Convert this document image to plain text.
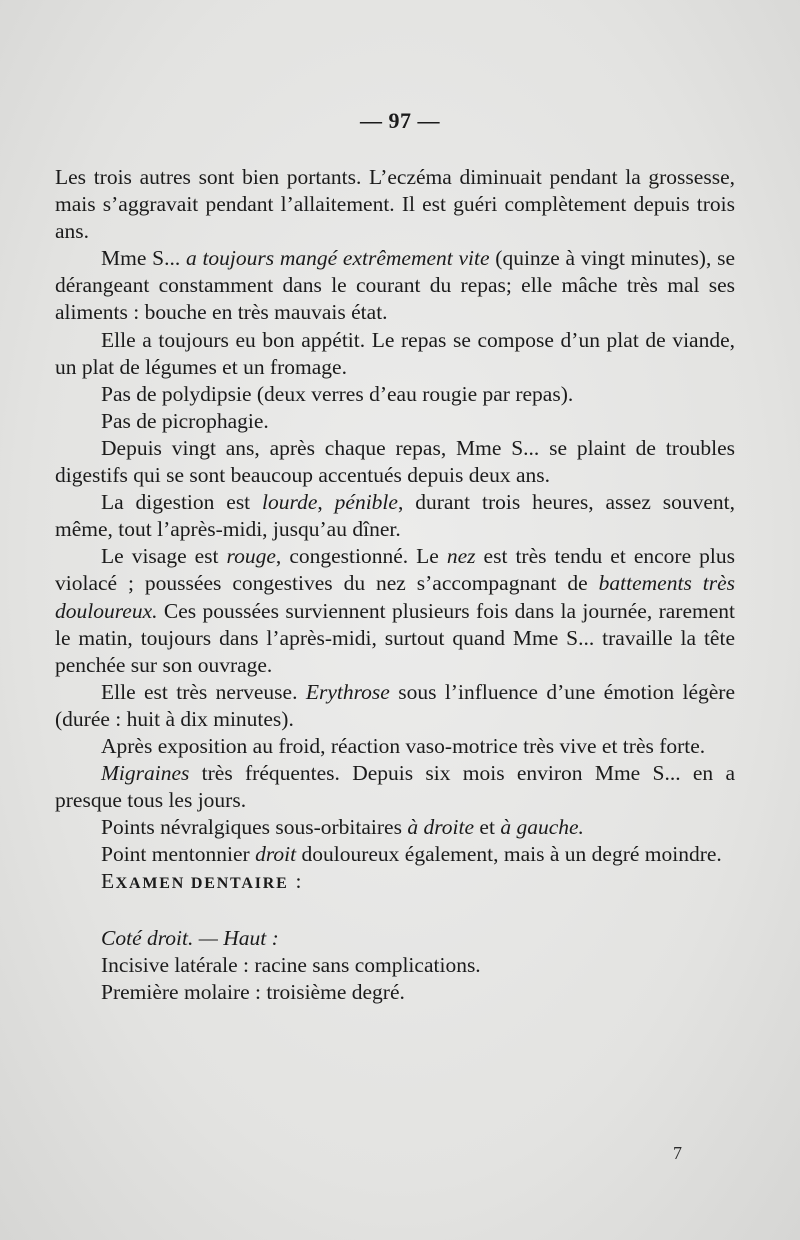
— 97 —

Les trois autres sont bien portants. L’eczéma diminuait pendant la grossesse, mais s’aggravait pendant l’allaitement. Il est guéri complètement depuis trois ans.

Mme S... a toujours mangé extrêmement vite (quinze à vingt minutes), se dérangeant constamment dans le courant du repas; elle mâche très mal ses aliments : bouche en très mauvais état.

Elle a toujours eu bon appétit. Le repas se compose d’un plat de viande, un plat de légumes et un fromage.

Pas de polydipsie (deux verres d’eau rougie par repas).

Pas de picrophagie.

Depuis vingt ans, après chaque repas, Mme S... se plaint de troubles digestifs qui se sont beaucoup accentués depuis deux ans.

La digestion est lourde, pénible, durant trois heures, assez souvent, même, tout l’après-midi, jusqu’au dîner.

Le visage est rouge, congestionné. Le nez est très tendu et encore plus violacé ; poussées congestives du nez s’accompagnant de battements très douloureux. Ces poussées surviennent plusieurs fois dans la journée, rarement le matin, toujours dans l’après-midi, surtout quand Mme S... travaille la tête penchée sur son ouvrage.

Elle est très nerveuse. Erythrose sous l’influence d’une émotion légère (durée : huit à dix minutes).

Après exposition au froid, réaction vaso-motrice très vive et très forte.

Migraines très fréquentes. Depuis six mois environ Mme S... en a presque tous les jours.

Points névralgiques sous-orbitaires à droite et à gauche.

Point mentonnier droit douloureux également, mais à un degré moindre.

EXAMEN DENTAIRE :

Coté droit. — Haut :

Incisive latérale : racine sans complications.

Première molaire : troisième degré.

7
